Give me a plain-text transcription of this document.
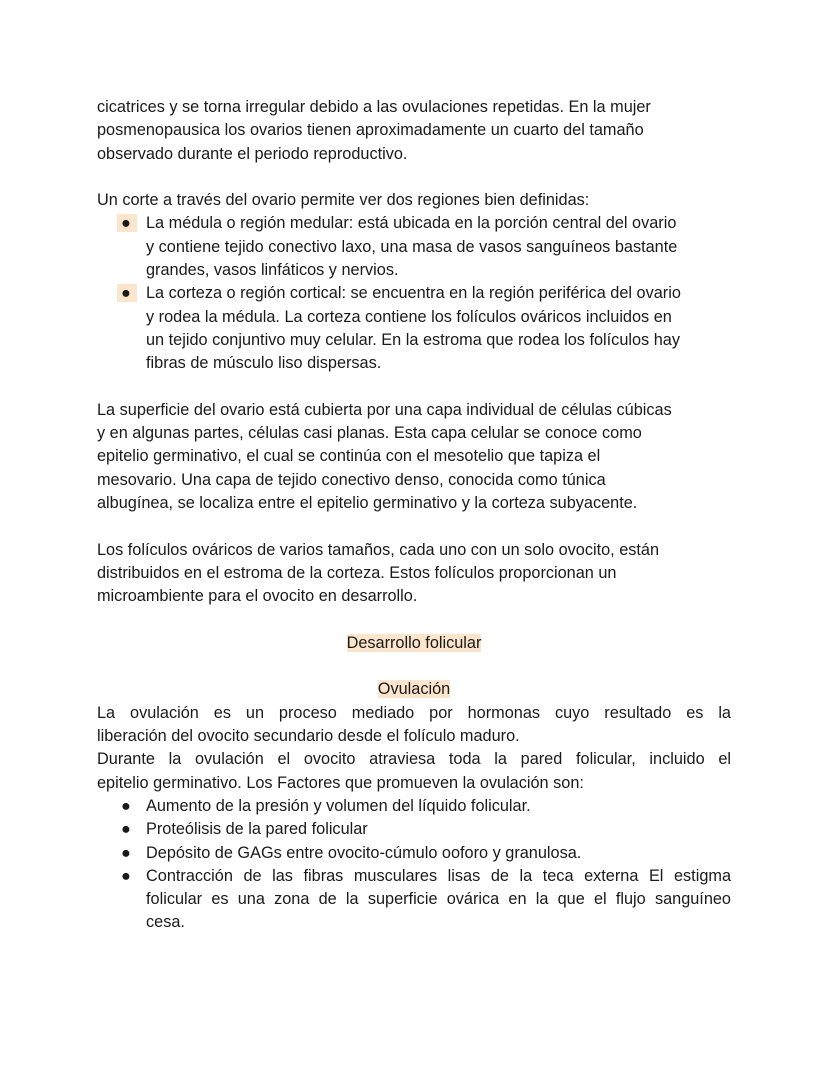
cicatrices y se torna irregular debido a las ovulaciones repetidas. En la mujer
posmenopausica los ovarios tienen aproximadamente un cuarto del tamaño
observado durante el periodo reproductivo.
Un corte a través del ovario permite ver dos regiones bien definidas:
● La médula o región medular: está ubicada en la porción central del ovario
y contiene tejido conectivo laxo, una masa de vasos sanguíneos bastante
grandes, vasos linfáticos y nervios.
● La corteza o región cortical: se encuentra en la región periférica del ovario
y rodea la médula. La corteza contiene los folículos ováricos incluidos en
un tejido conjuntivo muy celular. En la estroma que rodea los folículos hay
fibras de músculo liso dispersas.
La superficie del ovario está cubierta por una capa individual de células cúbicas
y en algunas partes, células casi planas. Esta capa celular se conoce como
epitelio germinativo, el cual se continúa con el mesotelio que tapiza el
mesovario. Una capa de tejido conectivo denso, conocida como túnica
albugínea, se localiza entre el epitelio germinativo y la corteza subyacente.
Los folículos ováricos de varios tamaños, cada uno con un solo ovocito, están
distribuidos en el estroma de la corteza. Estos folículos proporcionan un
microambiente para el ovocito en desarrollo.
Desarrollo folicular
Ovulación
La ovulación es un proceso mediado por hormonas cuyo resultado es la
liberación del ovocito secundario desde el folículo maduro.
Durante la ovulación el ovocito atraviesa toda la pared folicular, incluido el
epitelio germinativo. Los Factores que promueven la ovulación son:
● Aumento de la presión y volumen del líquido folicular.
● Proteólisis de la pared folicular
● Depósito de GAGs entre ovocito-cúmulo ooforo y granulosa.
● Contracción de las fibras musculares lisas de la teca externa El estigma
folicular es una zona de la superficie ovárica en la que el flujo sanguíneo
cesa.
